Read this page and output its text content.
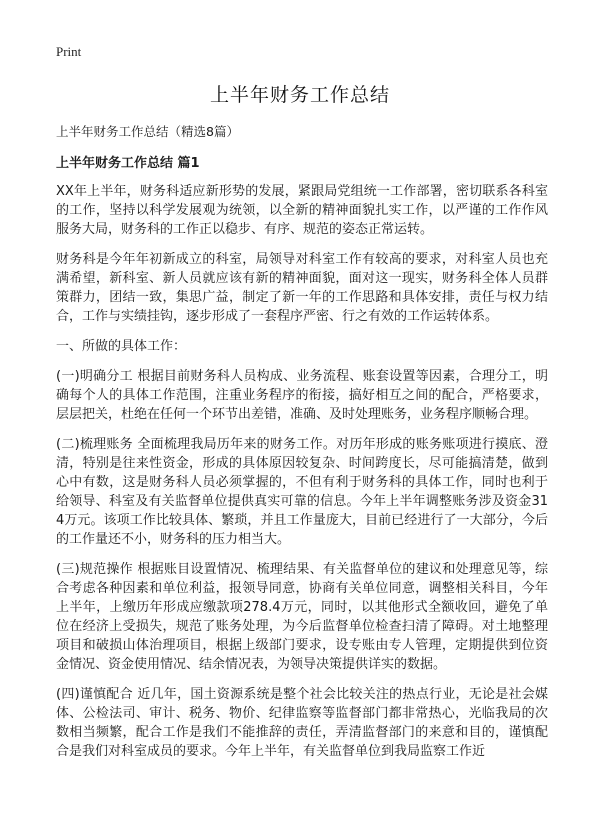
Print
上半年财务工作总结
上半年财务工作总结（精选8篇）
上半年财务工作总结 篇1

XX年上半年，财务科适应新形势的发展，紧跟局党组统一工作部署，密切联系各科室的工作，坚持以科学发展观为统领，以全新的精神面貌扎实工作，以严谨的工作作风服务大局，财务科的工作正以稳步、有序、规范的姿态正常运转。

财务科是今年年初新成立的科室，局领导对科室工作有较高的要求，对科室人员也充满希望，新科室、新人员就应该有新的精神面貌，面对这一现实，财务科全体人员群策群力，团结一致，集思广益，制定了新一年的工作思路和具体安排，责任与权力结合，工作与实绩挂钩，逐步形成了一套程序严密、行之有效的工作运转体系。

一、所做的具体工作：

(一)明确分工 根据目前财务科人员构成、业务流程、账套设置等因素，合理分工，明确每个人的具体工作范围，注重业务程序的衔接，搞好相互之间的配合，严格要求，层层把关，杜绝在任何一个环节出差错，准确、及时处理账务，业务程序顺畅合理。

(二)梳理账务 全面梳理我局历年来的财务工作。对历年形成的账务账项进行摸底、澄清，特别是往来性资金，形成的具体原因较复杂、时间跨度长，尽可能搞清楚，做到心中有数，这是财务科人员必须掌握的，不但有利于财务科的具体工作，同时也利于给领导、科室及有关监督单位提供真实可靠的信息。今年上半年调整账务涉及资金314万元。该项工作比较具体、繁琐，并且工作量庞大，目前已经进行了一大部分，今后的工作量还不小，财务科的压力相当大。

(三)规范操作 根据账目设置情况、梳理结果、有关监督单位的建议和处理意见等，综合考虑各种因素和单位利益，报领导同意，协商有关单位同意，调整相关科目，今年上半年，上缴历年形成应缴款项278.4万元，同时，以其他形式全额收回，避免了单位在经济上受损失，规范了账务处理，为今后监督单位检查扫清了障碍。对土地整理项目和破损山体治理项目，根据上级部门要求，设专账由专人管理，定期提供到位资金情况、资金使用情况、结余情况表，为领导决策提供详实的数据。

(四)谨慎配合 近几年，国土资源系统是整个社会比较关注的热点行业，无论是社会媒体、公检法司、审计、税务、物价、纪律监察等监督部门都非常热心，光临我局的次数相当频繁，配合工作是我们不能推辞的责任，弄清监督部门的来意和目的，谨慎配合是我们对科室成员的要求。今年上半年，有关监督单位到我局监察工作近
